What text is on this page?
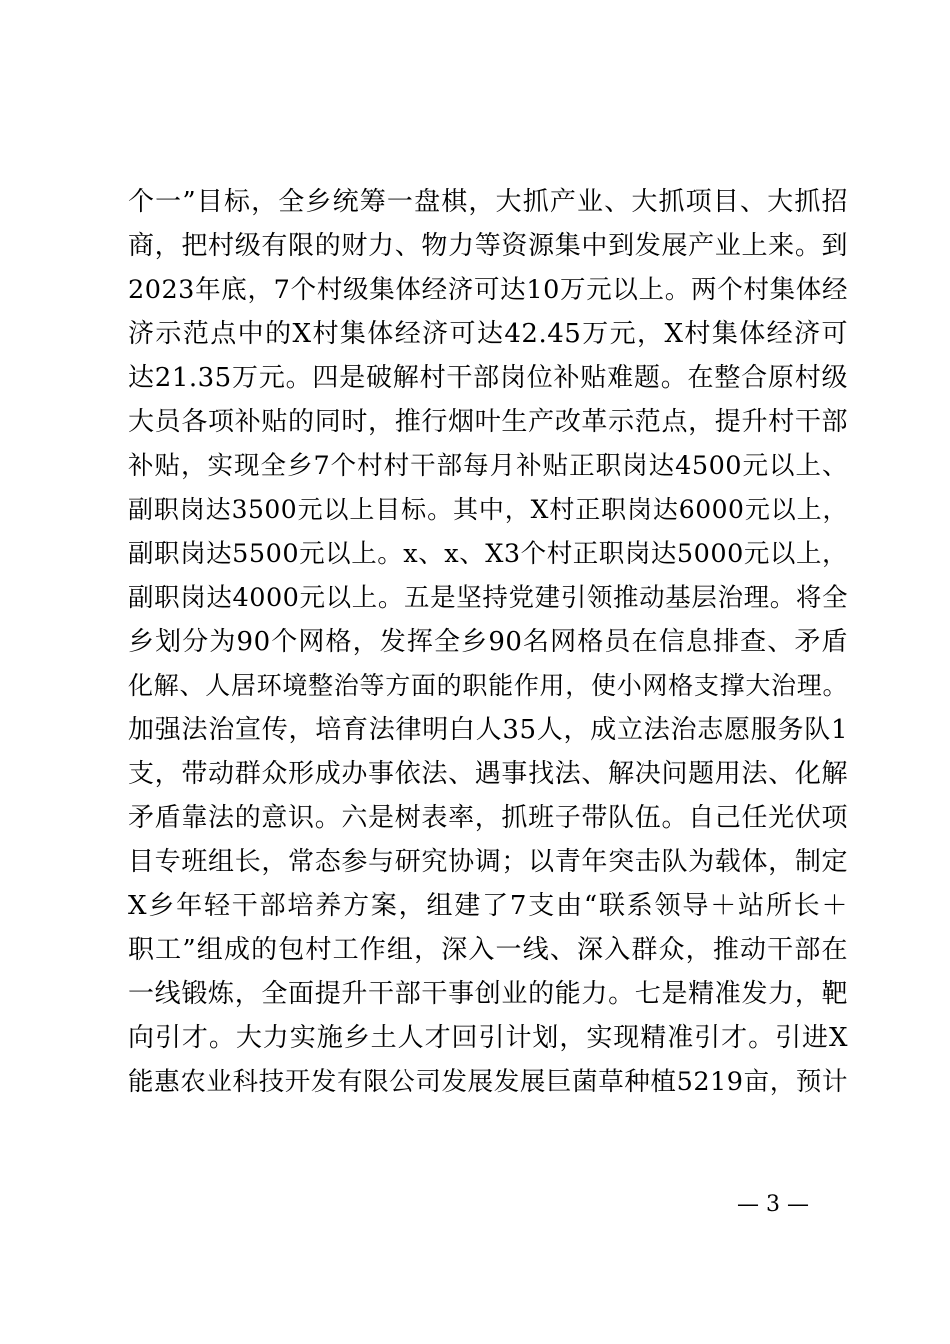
个一”目标，全乡统筹一盘棋，大抓产业、大抓项目、大抓招
商，把村级有限的财力、物力等资源集中到发展产业上来。到
2023年底，7个村级集体经济可达10万元以上。两个村集体经
济示范点中的X村集体经济可达42.45万元，X村集体经济可
达21.35万元。四是破解村干部岗位补贴难题。在整合原村级
大员各项补贴的同时，推行烟叶生产改革示范点，提升村干部
补贴，实现全乡7个村村干部每月补贴正职岗达4500元以上、
副职岗达3500元以上目标。其中，X村正职岗达6000元以上，
副职岗达5500元以上。x、x、X3个村正职岗达5000元以上，
副职岗达4000元以上。五是坚持党建引领推动基层治理。将全
乡划分为90个网格，发挥全乡90名网格员在信息排查、矛盾
化解、人居环境整治等方面的职能作用，使小网格支撑大治理。
加强法治宣传，培育法律明白人35人，成立法治志愿服务队1
支，带动群众形成办事依法、遇事找法、解决问题用法、化解
矛盾靠法的意识。六是树表率，抓班子带队伍。自己任光伏项
目专班组长，常态参与研究协调；以青年突击队为载体，制定
X乡年轻干部培养方案，组建了7支由“联系领导＋站所长＋
职工”组成的包村工作组，深入一线、深入群众，推动干部在
一线锻炼，全面提升干部干事创业的能力。七是精准发力，靶
向引才。大力实施乡土人才回引计划，实现精准引才。引进X
能惠农业科技开发有限公司发展发展巨菌草种植5219亩，预计
— 3 —
